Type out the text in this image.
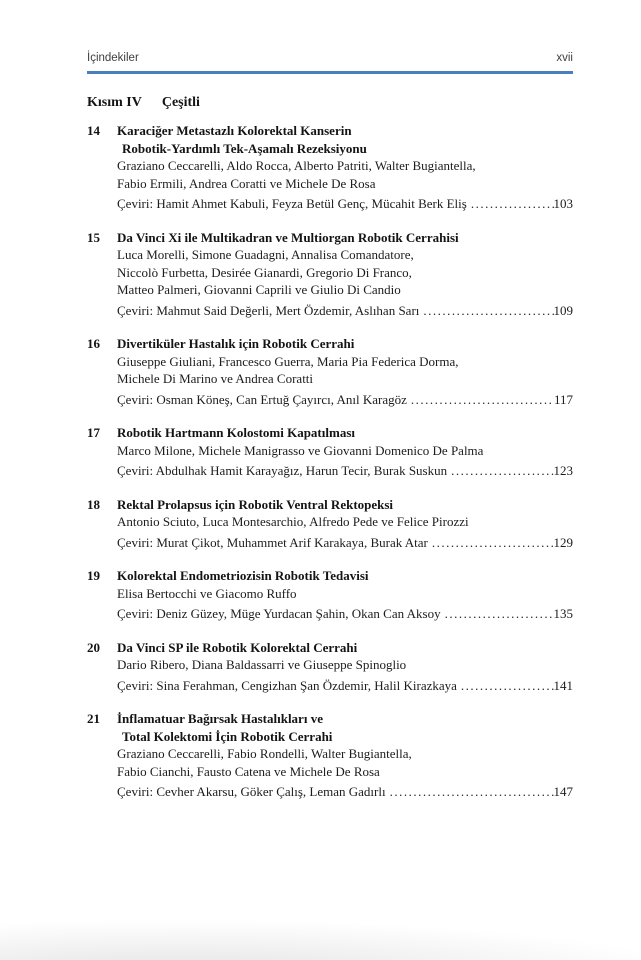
İçindekiler	xvii
Kısım IV Çeşitli
14	Karaciğer Metastazlı Kolorektal Kanserin
Robotik-Yardımlı Tek-Aşamalı Rezeksiyonu
Graziano Ceccarelli, Aldo Rocca, Alberto Patriti, Walter Bugiantella,
Fabio Ermili, Andrea Coratti ve Michele De Rosa
Çeviri: Hamit Ahmet Kabuli, Feyza Betül Genç, Mücahit Berk Eliş .....	103
15	Da Vinci Xi ile Multikadran ve Multiorgan Robotik Cerrahisi
Luca Morelli, Simone Guadagni, Annalisa Comandatore,
Niccolò Furbetta, Desirée Gianardi, Gregorio Di Franco,
Matteo Palmeri, Giovanni Caprili ve Giulio Di Candio
Çeviri: Mahmut Said Değerli, Mert Özdemir, Aslıhan Sarı .....	109
16	Divertiküler Hastalık için Robotik Cerrahi
Giuseppe Giuliani, Francesco Guerra, Maria Pia Federica Dorma,
Michele Di Marino ve Andrea Coratti
Çeviri: Osman Köneş, Can Ertuğ Çayırcı, Anıl Karagöz .....	117
17	Robotik Hartmann Kolostomi Kapatılması
Marco Milone, Michele Manigrasso ve Giovanni Domenico De Palma
Çeviri: Abdulhak Hamit Karayağız, Harun Tecir, Burak Suskun .....	123
18	Rektal Prolapsus için Robotik Ventral Rektopeksi
Antonio Sciuto, Luca Montesarchio, Alfredo Pede ve Felice Pirozzi
Çeviri: Murat Çikot, Muhammet Arif Karakaya, Burak Atar .....	129
19	Kolorektal Endometriozisin Robotik Tedavisi
Elisa Bertocchi ve Giacomo Ruffo
Çeviri: Deniz Güzey, Müge Yurdacan Şahin, Okan Can Aksoy .....	135
20	Da Vinci SP ile Robotik Kolorektal Cerrahi
Dario Ribero, Diana Baldassarri ve Giuseppe Spinoglio
Çeviri: Sina Ferahman, Cengizhan Şan Özdemir, Halil Kirazkaya .....	141
21	İnflamatuar Bağırsak Hastalıkları ve
Total Kolektomi İçin Robotik Cerrahi
Graziano Ceccarelli, Fabio Rondelli, Walter Bugiantella,
Fabio Cianchi, Fausto Catena ve Michele De Rosa
Çeviri: Cevher Akarsu, Göker Çalış, Leman Gadırlı .....	147
